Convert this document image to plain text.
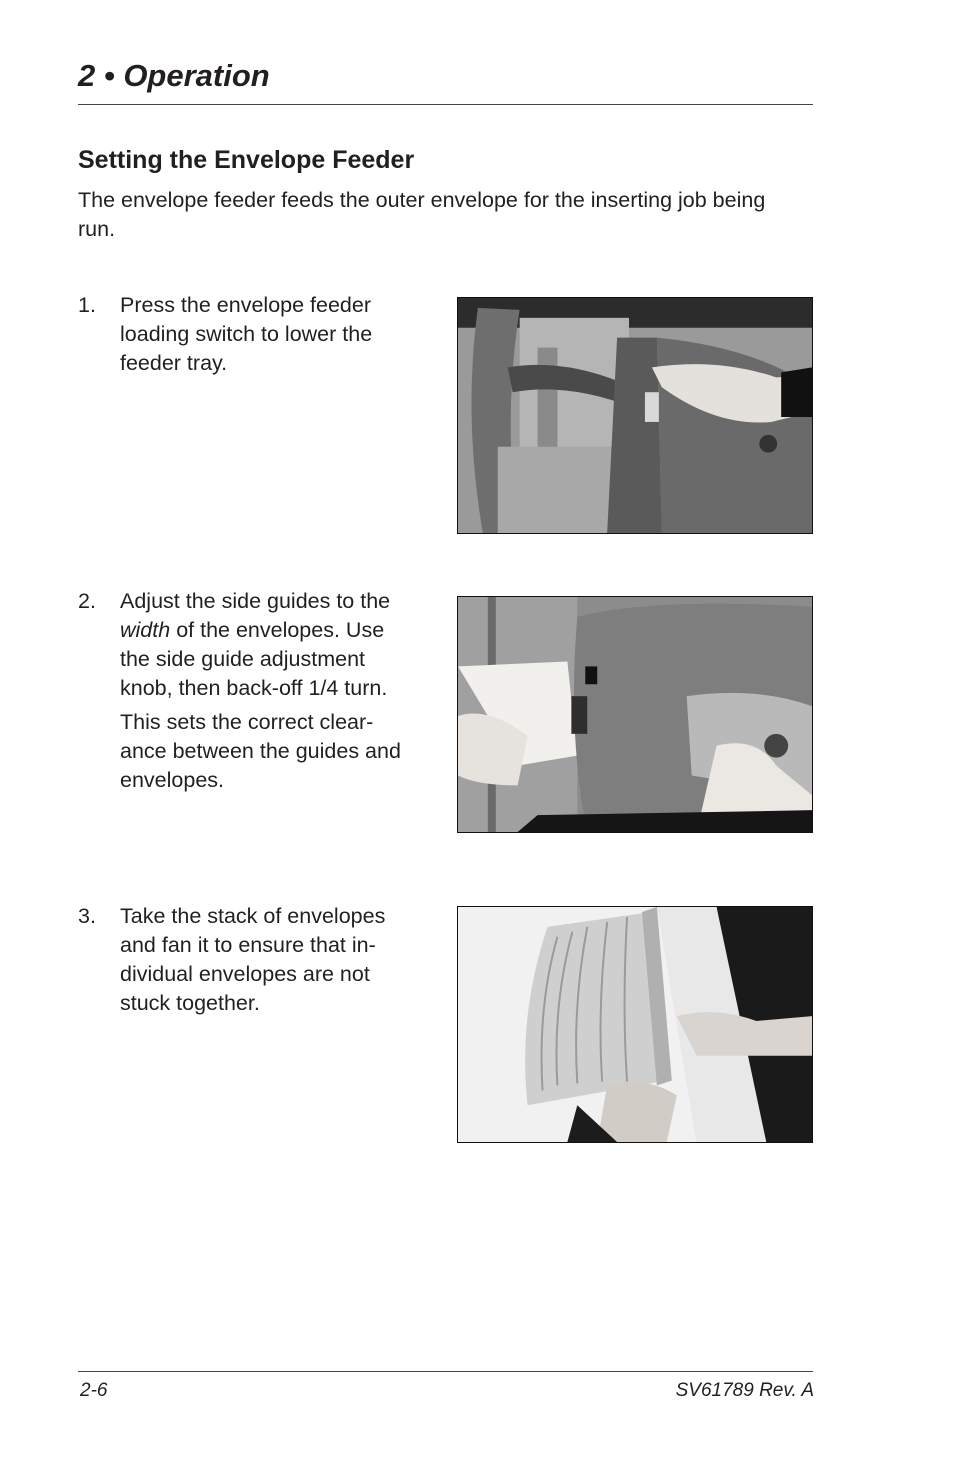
2 • Operation
Setting the Envelope Feeder

The envelope feeder feeds the outer envelope for the inserting job being run.

1. Press the envelope feeder
loading switch to lower the
feeder tray.
2. Adjust the side guides to the
width of the envelopes. Use
the side guide adjustment
knob, then back-off 1/4 turn.
This sets the correct clear-
ance between the guides and
envelopes.
3. Take the stack of envelopes
and fan it to ensure that in-
dividual envelopes are not
stuck together.
2-6	SV61789 Rev. A
